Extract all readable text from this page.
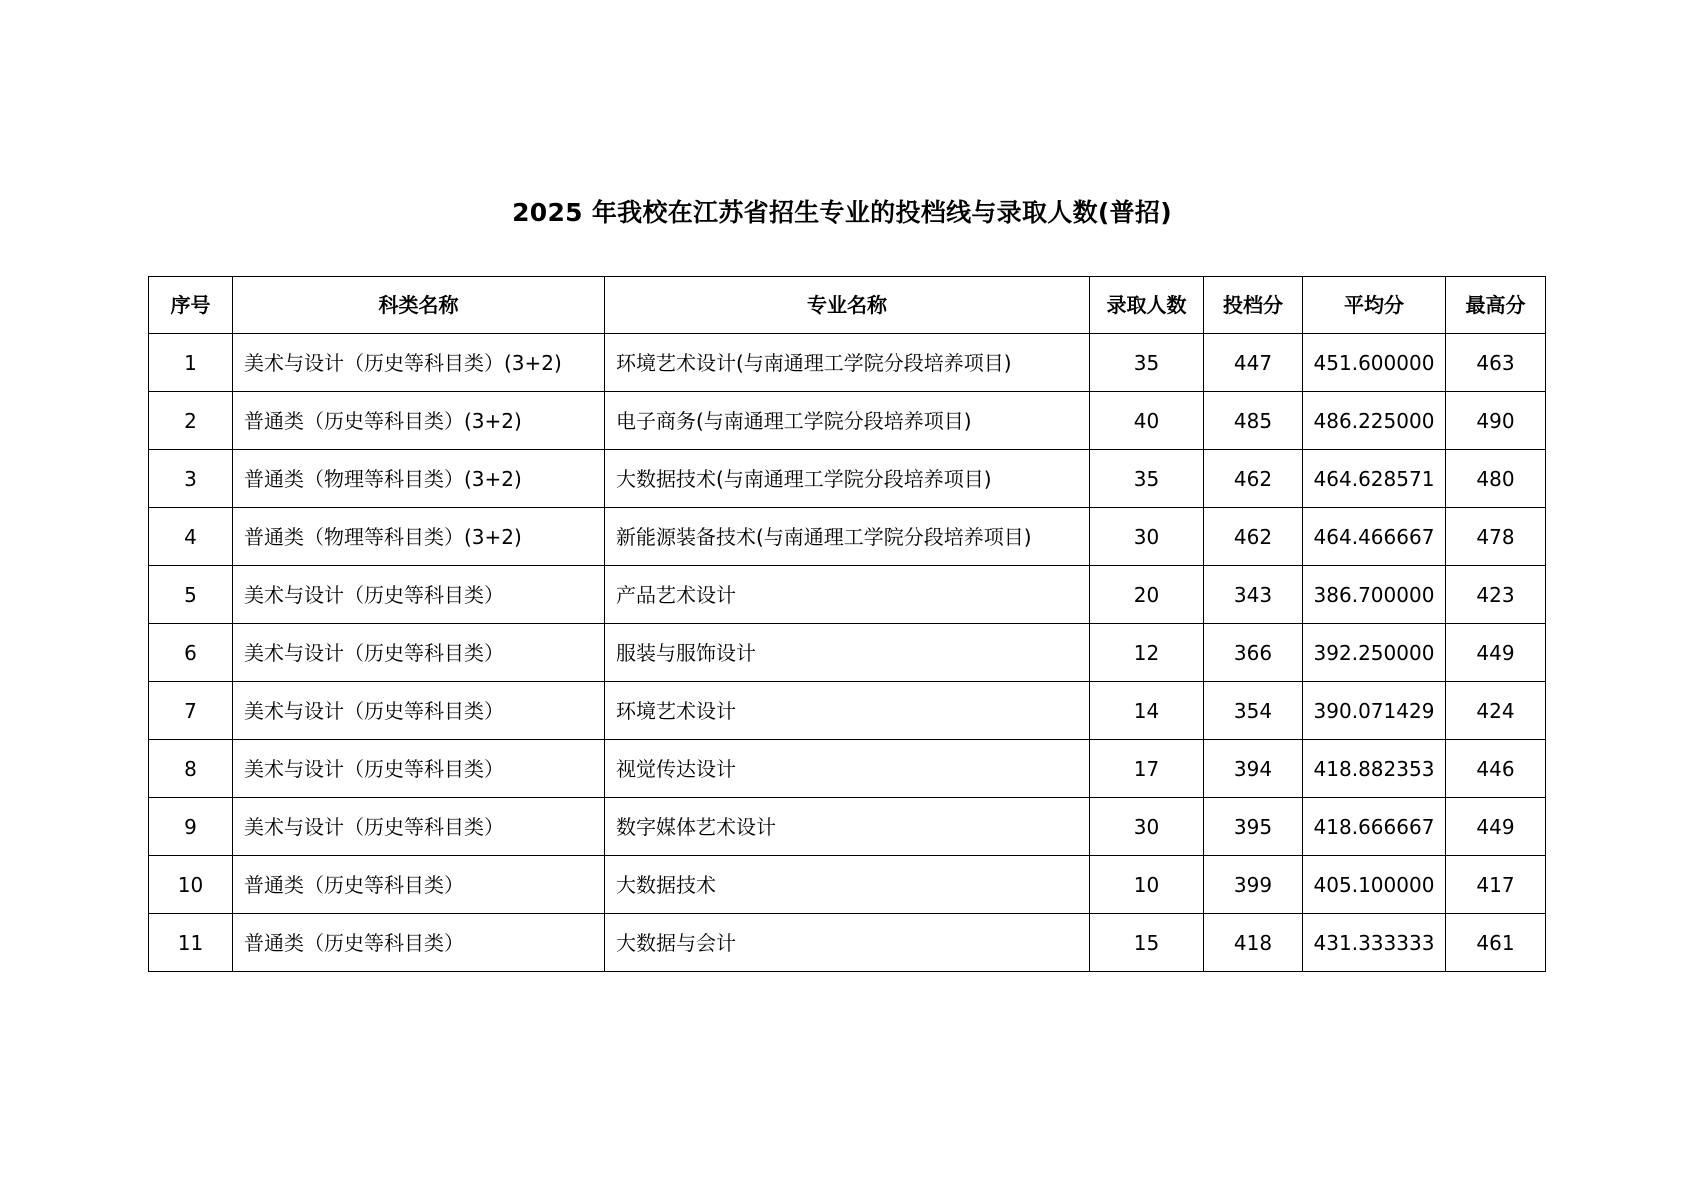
2025 年我校在江苏省招生专业的投档线与录取人数(普招)
序号	科类名称	专业名称	录取人数	投档分	平均分	最高分
1	美术与设计（历史等科目类）(3+2)	环境艺术设计(与南通理工学院分段培养项目)	35	447	451.600000	463
2	普通类（历史等科目类）(3+2)	电子商务(与南通理工学院分段培养项目)	40	485	486.225000	490
3	普通类（物理等科目类）(3+2)	大数据技术(与南通理工学院分段培养项目)	35	462	464.628571	480
4	普通类（物理等科目类）(3+2)	新能源装备技术(与南通理工学院分段培养项目)	30	462	464.466667	478
5	美术与设计（历史等科目类）	产品艺术设计	20	343	386.700000	423
6	美术与设计（历史等科目类）	服装与服饰设计	12	366	392.250000	449
7	美术与设计（历史等科目类）	环境艺术设计	14	354	390.071429	424
8	美术与设计（历史等科目类）	视觉传达设计	17	394	418.882353	446
9	美术与设计（历史等科目类）	数字媒体艺术设计	30	395	418.666667	449
10	普通类（历史等科目类）	大数据技术	10	399	405.100000	417
11	普通类（历史等科目类）	大数据与会计	15	418	431.333333	461
